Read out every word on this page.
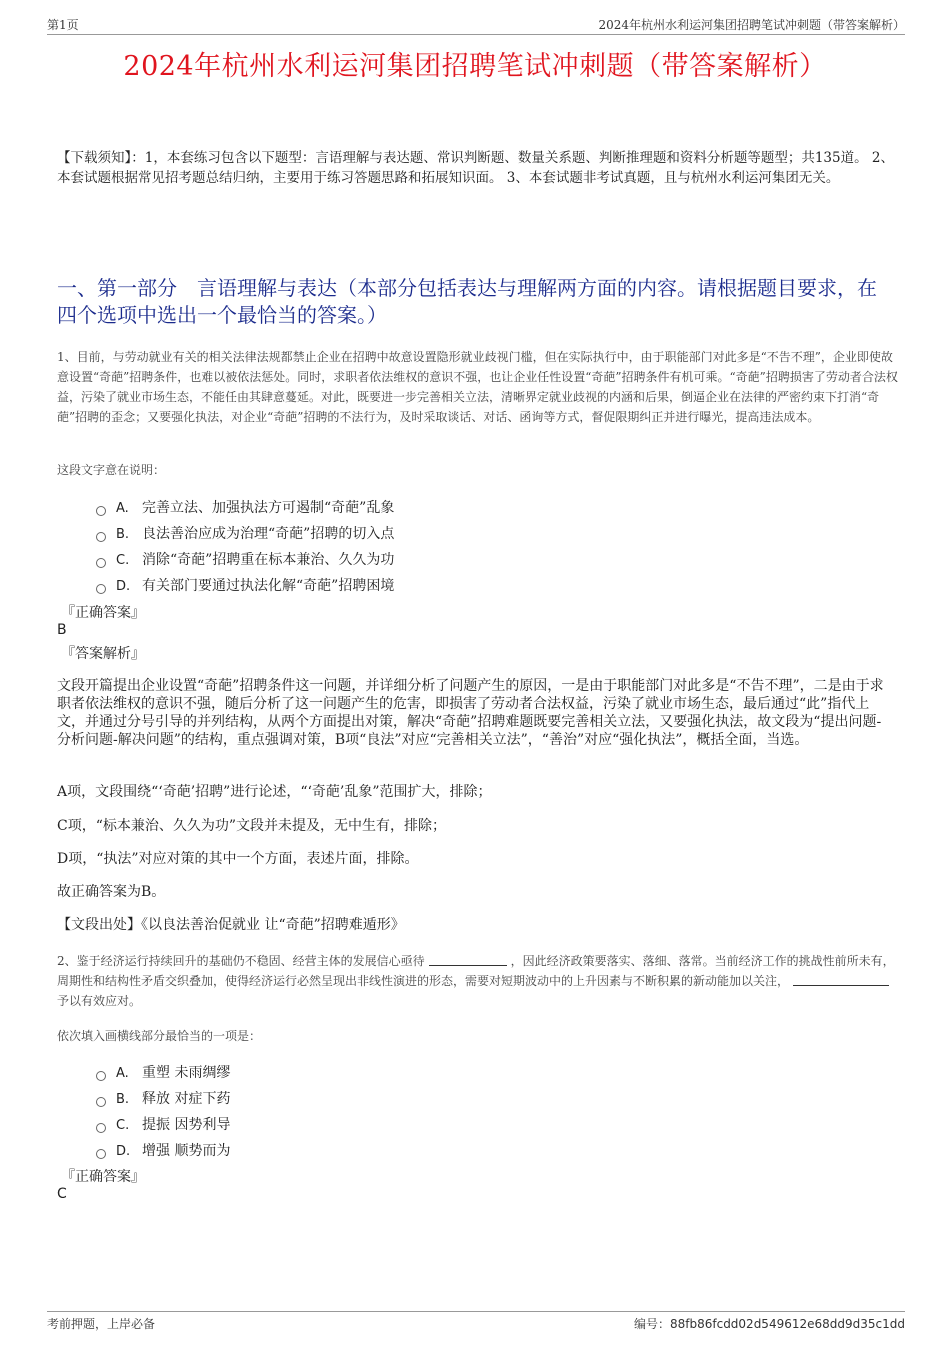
第1页	2024年杭州水利运河集团招聘笔试冲刺题（带答案解析）
2024年杭州水利运河集团招聘笔试冲刺题（带答案解析）
【下载须知】：1，本套练习包含以下题型：言语理解与表达题、常识判断题、数量关系题、判断推理题和资料分析题等题型；共135道。 2、本套试题根据常见招考题总结归纳，主要用于练习答题思路和拓展知识面。 3、本套试题非考试真题，且与杭州水利运河集团无关。
一、第一部分　言语理解与表达（本部分包括表达与理解两方面的内容。请根据题目要求，在四个选项中选出一个最恰当的答案。）
1、目前，与劳动就业有关的相关法律法规都禁止企业在招聘中故意设置隐形就业歧视门槛，但在实际执行中，由于职能部门对此多是“不告不理”，企业即使故意设置“奇葩”招聘条件，也难以被依法惩处。同时，求职者依法维权的意识不强，也让企业任性设置“奇葩”招聘条件有机可乘。“奇葩”招聘损害了劳动者合法权益，污染了就业市场生态，不能任由其肆意蔓延。对此，既要进一步完善相关立法，清晰界定就业歧视的内涵和后果，倒逼企业在法律的严密约束下打消“奇葩”招聘的歪念；又要强化执法，对企业“奇葩”招聘的不法行为，及时采取谈话、对话、函询等方式，督促限期纠正并进行曝光，提高违法成本。
这段文字意在说明：
A. 完善立法、加强执法方可遏制“奇葩”乱象
B. 良法善治应成为治理“奇葩”招聘的切入点
C. 消除“奇葩”招聘重在标本兼治、久久为功
D. 有关部门要通过执法化解“奇葩”招聘困境
『正确答案』
B
『答案解析』
文段开篇提出企业设置“奇葩”招聘条件这一问题，并详细分析了问题产生的原因，一是由于职能部门对此多是“不告不理”，二是由于求职者依法维权的意识不强，随后分析了这一问题产生的危害，即损害了劳动者合法权益，污染了就业市场生态，最后通过“此”指代上文，并通过分号引导的并列结构，从两个方面提出对策，解决“奇葩”招聘难题既要完善相关立法，又要强化执法，故文段为“提出问题-分析问题-解决问题”的结构，重点强调对策，B项“良法”对应“完善相关立法”，“善治”对应“强化执法”，概括全面，当选。
A项，文段围绕“‘奇葩’招聘”进行论述，“‘奇葩’乱象”范围扩大，排除；
C项，“标本兼治、久久为功”文段并未提及，无中生有，排除；
D项，“执法”对应对策的其中一个方面，表述片面，排除。
故正确答案为B。
【文段出处】《以良法善治促就业 让“奇葩”招聘难遁形》
2、鉴于经济运行持续回升的基础仍不稳固、经营主体的发展信心亟待	，因此经济政策要落实、落细、落常。当前经济工作的挑战性前所未有，周期性和结构性矛盾交织叠加，使得经济运行必然呈现出非线性演进的形态，需要对短期波动中的上升因素与不断积累的新动能加以关注，予以有效应对。
依次填入画横线部分最恰当的一项是：
A. 重塑 未雨绸缪
B. 释放 对症下药
C. 提振 因势利导
D. 增强 顺势而为
『正确答案』
C
考前押题，上岸必备	编号：88fb86fcdd02d549612e68dd9d35c1dd
